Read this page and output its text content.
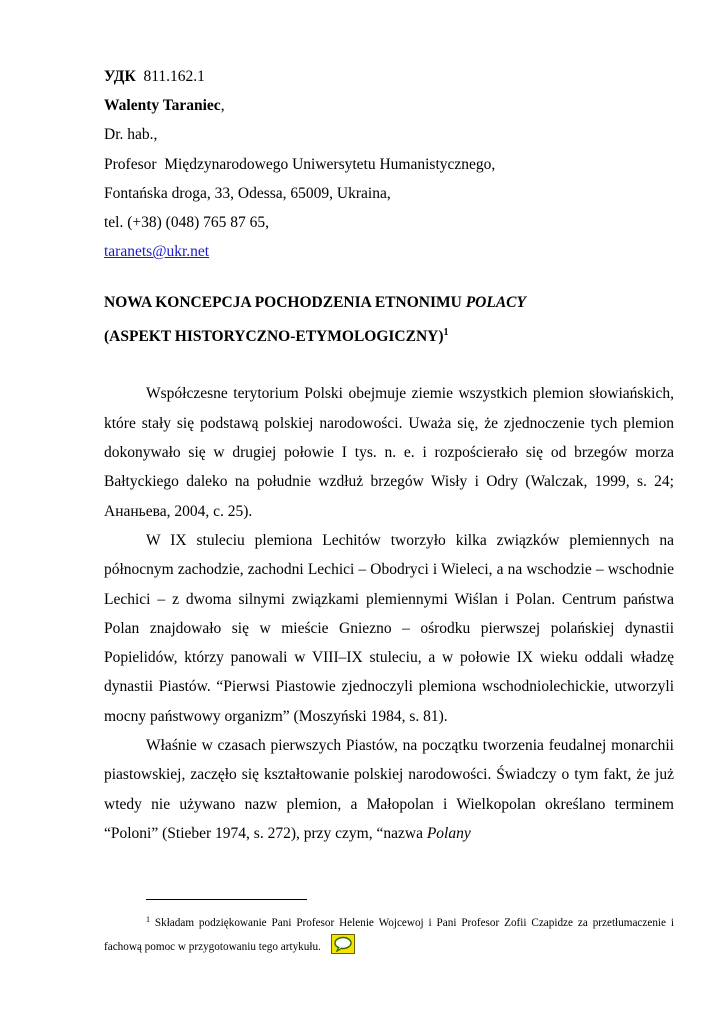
УДК 811.162.1
Walenty Taraniec,
Dr. hab.,
Profesor  Międzynarodowego Uniwersytetu Humanistycznego,
Fontańska droga, 33, Odessa, 65009, Ukraina,
tel. (+38) (048) 765 87 65,
taranets@ukr.net
NOWA KONCEPCJA POCHODZENIA ETNONIMU POLACY
(ASPEKT HISTORYCZNO-ETYMOLOGICZNY)$^1$

Współczesne terytorium Polski obejmuje ziemie wszystkich plemion słowiańskich, które stały się podstawą polskiej narodowości. Uważa się, że zjednoczenie tych plemion dokonywało się w drugiej połowie I tys. n. e. i rozpościerało się od brzegów morza Bałtyckiego daleko na południe wzdłuż brzegów Wisły i Odry (Walczak, 1999, s. 24; Ананьева, 2004, с. 25).

W IX stuleciu plemiona Lechitów tworzyło kilka związków plemiennych na północnym zachodzie, zachodni Lechici – Obodryci i Wieleci, a na wschodzie – wschodnie Lechici – z dwoma silnymi związkami plemiennymi Wiślan i Polan. Centrum państwa Polan znajdowało się w mieście Gniezno – ośrodku pierwszej polańskiej dynastii Popielidów, którzy panowali w VIII–IX stuleciu, a w połowie IX wieku oddali władzę dynastii Piastów. “Pierwsi Piastowie zjednoczyli plemiona wschodniolechickie, utworzyli mocny państwowy organizm” (Moszyński 1984, s. 81).

Właśnie w czasach pierwszych Piastów, na początku tworzenia feudalnej monarchii piastowskiej, zaczęło się kształtowanie polskiej narodowości. Świadczy o tym fakt, że już wtedy nie używano nazw plemion, a Małopolan i Wielkopolan określano terminem “Poloni” (Stieber 1974, s. 272), przy czym, “nazwa Polany

$^1$ Składam podziękowanie Pani Profesor Helenie Wojcewoj i Pani Profesor Zofii Czapidze za przetłumaczenie i fachową pomoc w przygotowaniu tego artykułu.
